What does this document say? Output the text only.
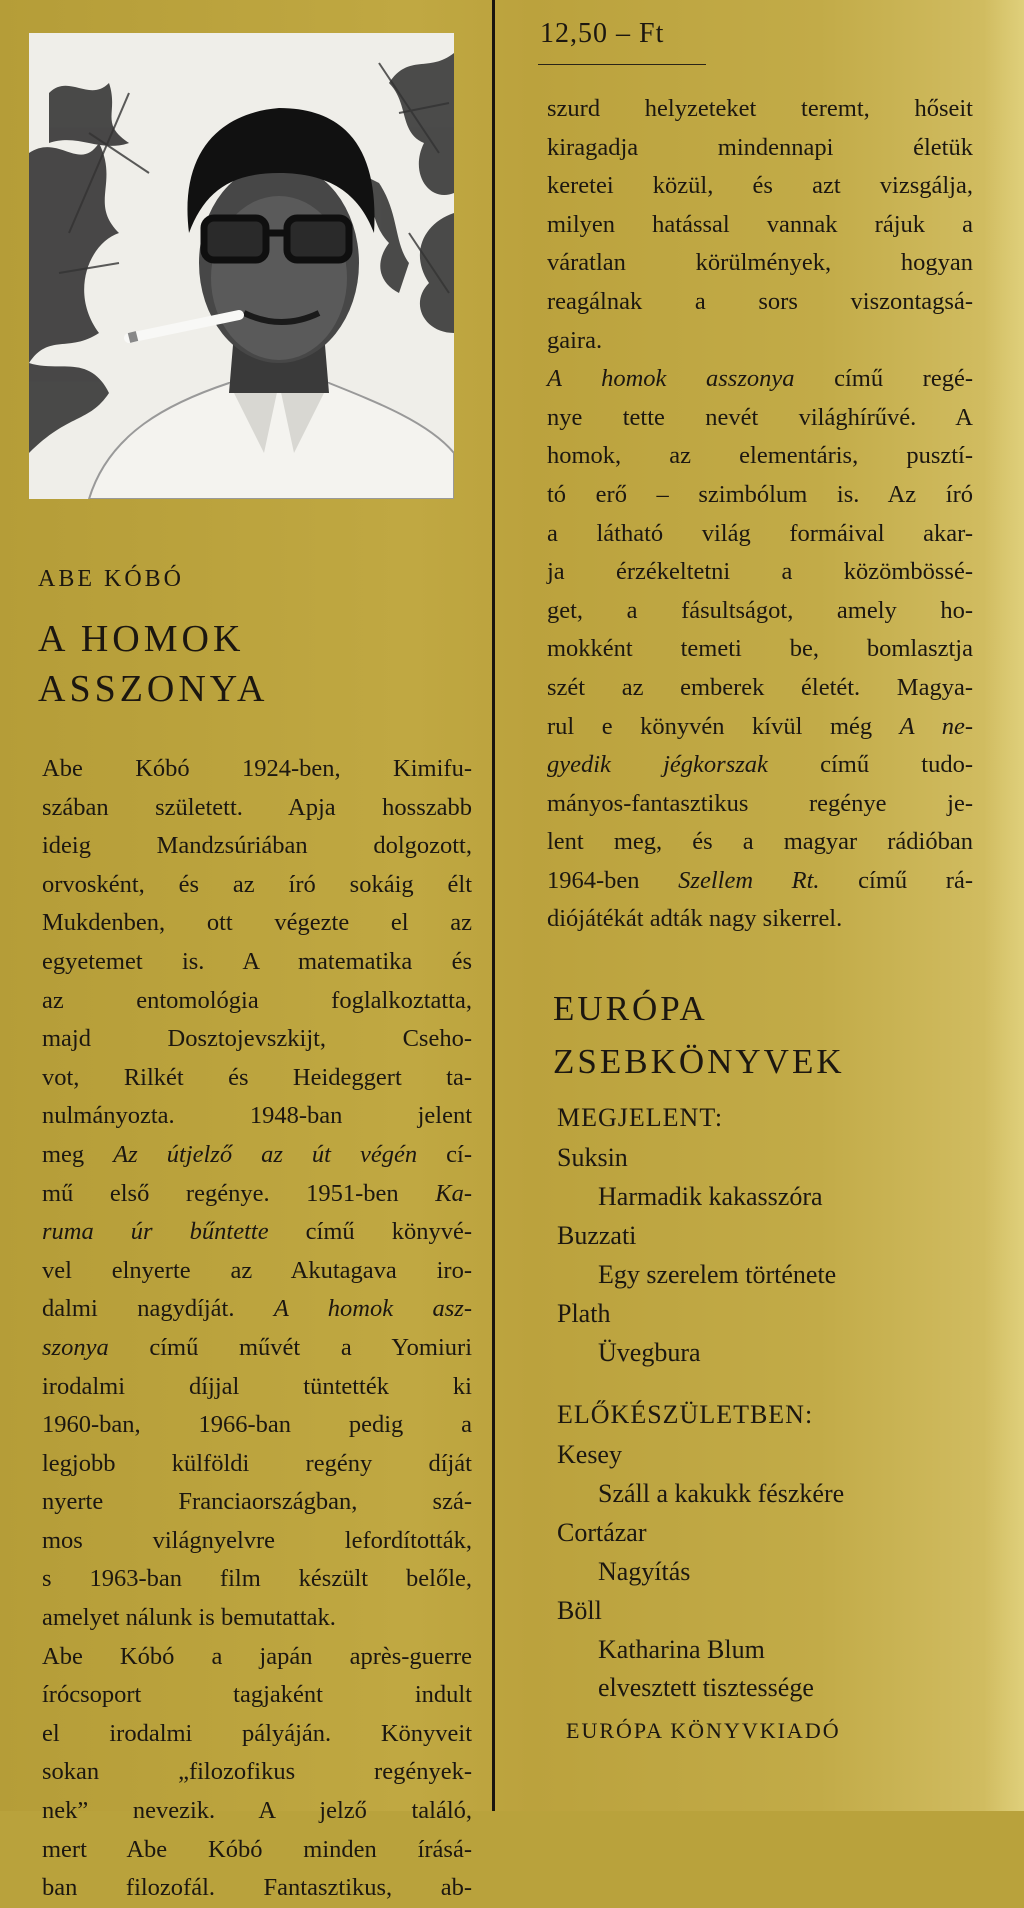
12,50 – Ft
ABE KÓBÓ
A HOMOK
ASSZONYA
Abe Kóbó 1924-ben, Kimifu-
szában született. Apja hosszabb
ideig Mandzsúriában dolgozott,
orvosként, és az író sokáig élt
Mukdenben, ott végezte el az
egyetemet is. A matematika és
az entomológia foglalkoztatta,
majd Dosztojevszkijt, Cseho-
vot, Rilkét és Heideggert ta-
nulmányozta. 1948-ban jelent
meg Az útjelző az út végén cí-
mű első regénye. 1951-ben Ka-
ruma úr bűntette című könyvé-
vel elnyerte az Akutagava iro-
dalmi nagydíját. A homok asz-
szonya című művét a Yomiuri
irodalmi díjjal tüntették ki
1960-ban, 1966-ban pedig a
legjobb külföldi regény díját
nyerte Franciaországban, szá-
mos világnyelvre lefordították,
s 1963-ban film készült belőle,
amelyet nálunk is bemutattak.
Abe Kóbó a japán après-guerre
írócsoport tagjaként indult
el irodalmi pályáján. Könyveit
sokan „filozofikus regények-
nek” nevezik. A jelző találó,
mert Abe Kóbó minden írásá-
ban filozofál. Fantasztikus, ab-
szurd helyzeteket teremt, hőseit
kiragadja mindennapi életük
keretei közül, és azt vizsgálja,
milyen hatással vannak rájuk a
váratlan körülmények, hogyan
reagálnak a sors viszontagsá-
gaira.
A homok asszonya című regé-
nye tette nevét világhírűvé. A
homok, az elementáris, pusztí-
tó erő – szimbólum is. Az író
a látható világ formáival akar-
ja érzékeltetni a közömbössé-
get, a fásultságot, amely ho-
mokként temeti be, bomlasztja
szét az emberek életét. Magya-
rul e könyvén kívül még A ne-
gyedik jégkorszak című tudo-
mányos-fantasztikus regénye je-
lent meg, és a magyar rádióban
1964-ben Szellem Rt. című rá-
diójátékát adták nagy sikerrel.
EURÓPA
ZSEBKÖNYVEK
MEGJELENT:
Suksin
Harmadik kakasszóra
Buzzati
Egy szerelem története
Plath
Üvegbura
ELŐKÉSZÜLETBEN:
Kesey
Száll a kakukk fészkére
Cortázar
Nagyítás
Böll
Katharina Blum
elvesztett tisztessége
EURÓPA KÖNYVKIADÓ
